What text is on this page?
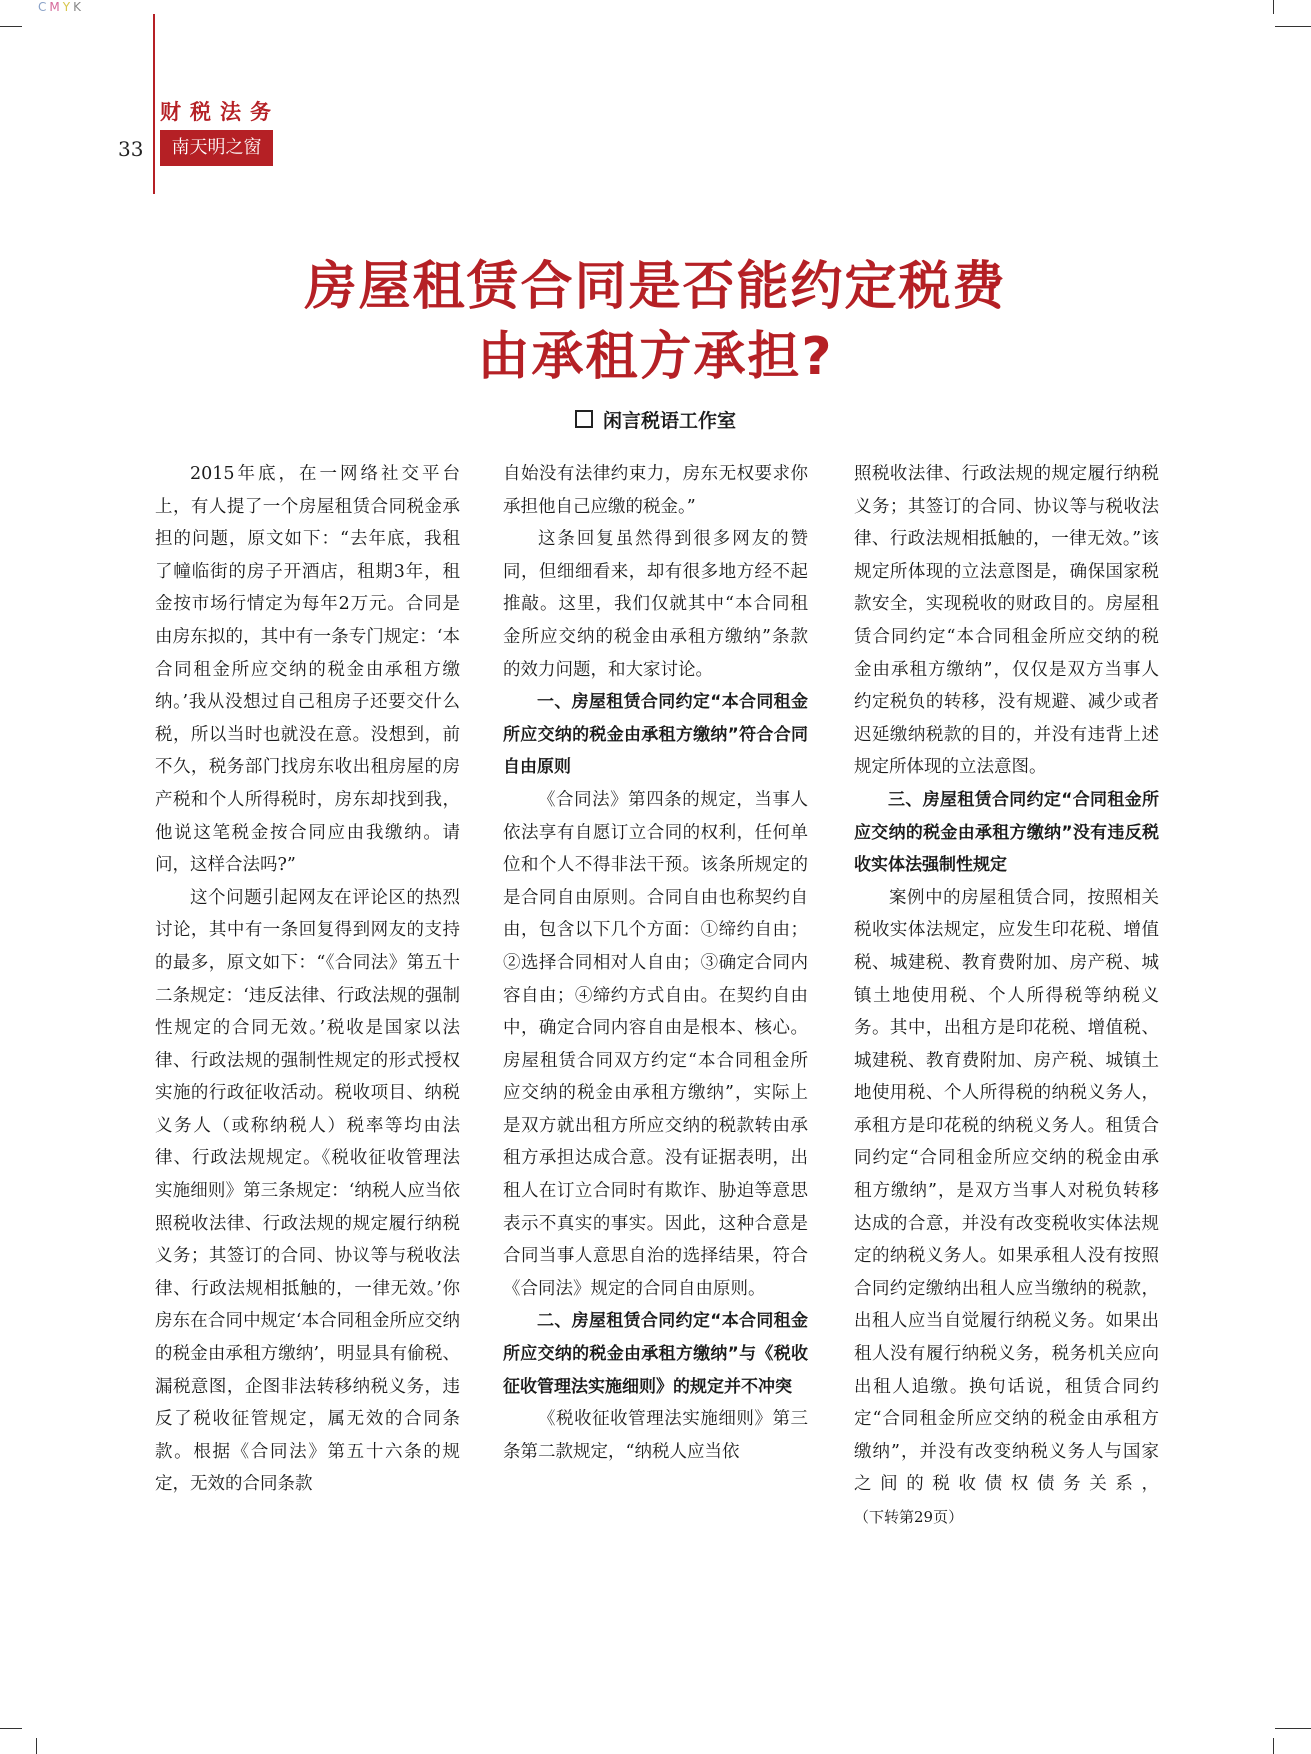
CMYK
财税法务
33	南天明之窗
房屋租赁合同是否能约定税费
由承租方承担?
闲言税语工作室

2015年底，在一网络社交平台上，有人提了一个房屋租赁合同税金承担的问题，原文如下：“去年底，我租了幢临街的房子开酒店，租期3年，租金按市场行情定为每年2万元。合同是由房东拟的，其中有一条专门规定：‘本合同租金所应交纳的税金由承租方缴纳。’我从没想过自己租房子还要交什么税，所以当时也就没在意。没想到，前不久，税务部门找房东收出租房屋的房产税和个人所得税时，房东却找到我，他说这笔税金按合同应由我缴纳。请问，这样合法吗?”

这个问题引起网友在评论区的热烈讨论，其中有一条回复得到网友的支持的最多，原文如下：“《合同法》第五十二条规定：‘违反法律、行政法规的强制性规定的合同无效。’税收是国家以法律、行政法规的强制性规定的形式授权实施的行政征收活动。税收项目、纳税义务人（或称纳税人）税率等均由法律、行政法规规定。《税收征收管理法实施细则》第三条规定：‘纳税人应当依照税收法律、行政法规的规定履行纳税义务；其签订的合同、协议等与税收法律、行政法规相抵触的，一律无效。’你房东在合同中规定‘本合同租金所应交纳的税金由承租方缴纳’，明显具有偷税、漏税意图，企图非法转移纳税义务，违反了税收征管规定，属无效的合同条款。根据《合同法》第五十六条的规定，无效的合同条款

自始没有法律约束力，房东无权要求你承担他自己应缴的税金。”

这条回复虽然得到很多网友的赞同，但细细看来，却有很多地方经不起推敲。这里，我们仅就其中“本合同租金所应交纳的税金由承租方缴纳”条款的效力问题，和大家讨论。

一、房屋租赁合同约定“本合同租金所应交纳的税金由承租方缴纳”符合合同自由原则

《合同法》第四条的规定，当事人依法享有自愿订立合同的权利，任何单位和个人不得非法干预。该条所规定的是合同自由原则。合同自由也称契约自由，包含以下几个方面：①缔约自由；②选择合同相对人自由；③确定合同内容自由；④缔约方式自由。在契约自由中，确定合同内容自由是根本、核心。房屋租赁合同双方约定“本合同租金所应交纳的税金由承租方缴纳”，实际上是双方就出租方所应交纳的税款转由承租方承担达成合意。没有证据表明，出租人在订立合同时有欺诈、胁迫等意思表示不真实的事实。因此，这种合意是合同当事人意思自治的选择结果，符合《合同法》规定的合同自由原则。

二、房屋租赁合同约定“本合同租金所应交纳的税金由承租方缴纳”与《税收征收管理法实施细则》的规定并不冲突

《税收征收管理法实施细则》第三条第二款规定，“纳税人应当依

照税收法律、行政法规的规定履行纳税义务；其签订的合同、协议等与税收法律、行政法规相抵触的，一律无效。”该规定所体现的立法意图是，确保国家税款安全，实现税收的财政目的。房屋租赁合同约定“本合同租金所应交纳的税金由承租方缴纳”，仅仅是双方当事人约定税负的转移，没有规避、减少或者迟延缴纳税款的目的，并没有违背上述规定所体现的立法意图。

三、房屋租赁合同约定“合同租金所应交纳的税金由承租方缴纳”没有违反税收实体法强制性规定

案例中的房屋租赁合同，按照相关税收实体法规定，应发生印花税、增值税、城建税、教育费附加、房产税、城镇土地使用税、个人所得税等纳税义务。其中，出租方是印花税、增值税、城建税、教育费附加、房产税、城镇土地使用税、个人所得税的纳税义务人，承租方是印花税的纳税义务人。租赁合同约定“合同租金所应交纳的税金由承租方缴纳”，是双方当事人对税负转移达成的合意，并没有改变税收实体法规定的纳税义务人。如果承租人没有按照合同约定缴纳出租人应当缴纳的税款，出租人应当自觉履行纳税义务。如果出租人没有履行纳税义务，税务机关应向出租人追缴。换句话说，租赁合同约定“合同租金所应交纳的税金由承租方缴纳”，并没有改变纳税义务人与国家之间的税收债权债务关系，（下转第29页）
